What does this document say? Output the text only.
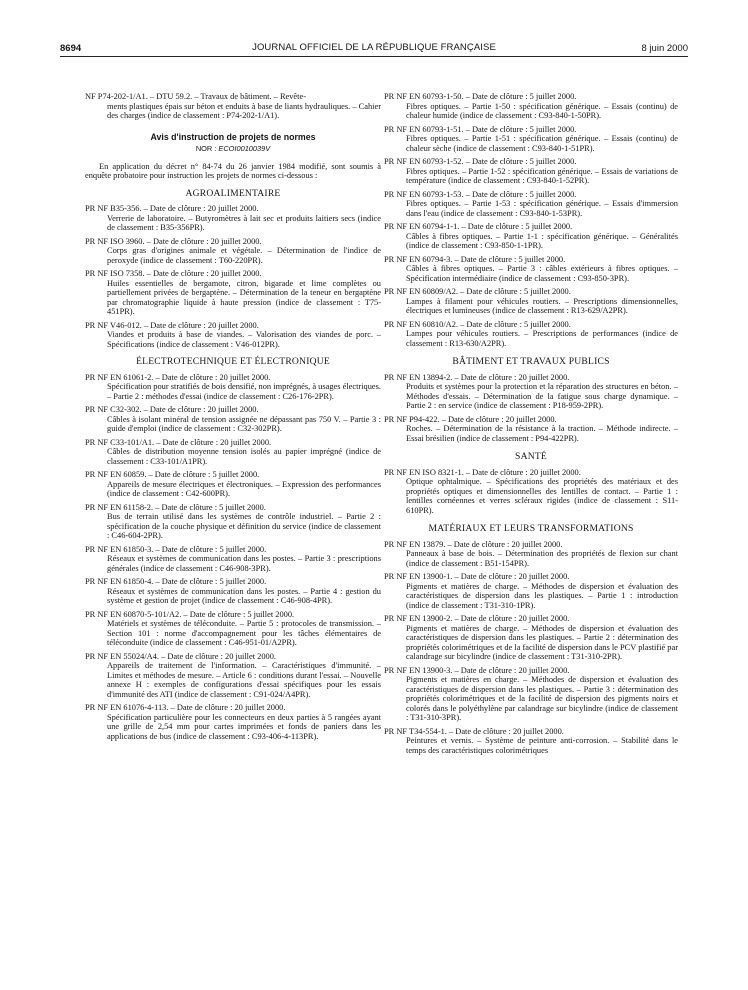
8694	JOURNAL OFFICIEL DE LA RÉPUBLIQUE FRANÇAISE	8 juin 2000
NF P74-202-1/A1. – DTU 59.2. – Travaux de bâtiment. – Revête-
ments plastiques épais sur béton et enduits à base de liants hydrauliques. – Cahier des charges (indice de classement : P74-202-1/A1).
Avis d'instruction de projets de normes
NOR : ECOI0010039V
En application du décret n° 84-74 du 26 janvier 1984 modifié, sont soumis à enquête probatoire pour instruction les projets de normes ci-dessous :
AGROALIMENTAIRE
PR NF B35-356. – Date de clôture : 20 juillet 2000.
Verrerie de laboratoire. – Butyromètres à lait sec et produits laitiers secs (indice de classement : B35-356PR).
PR NF ISO 3960. – Date de clôture : 20 juillet 2000.
Corps gras d'origines animale et végétale. – Détermination de l'indice de peroxyde (indice de classement : T60-220PR).
PR NF ISO 7358. – Date de clôture : 20 juillet 2000.
Huiles essentielles de bergamote, citron, bigarade et lime complètes ou partiellement privées de bergaptène. – Détermination de la teneur en bergaptène par chromatographie liquide à haute pression (indice de classement : T75-451PR).
PR NF V46-012. – Date de clôture : 20 juillet 2000.
Viandes et produits à base de viandes. – Valorisation des viandes de porc. – Spécifications (indice de classement : V46-012PR).
ÉLECTROTECHNIQUE ET ÉLECTRONIQUE
PR NF EN 61061-2. – Date de clôture : 20 juillet 2000.
Spécification pour stratifiés de bois densifié, non imprégnés, à usages électriques. – Partie 2 : méthodes d'essai (indice de classement : C26-176-2PR).
PR NF C32-302. – Date de clôture : 20 juillet 2000.
Câbles à isolant minéral de tension assignée ne dépassant pas 750 V. – Partie 3 : guide d'emploi (indice de classement : C32-302PR).
PR NF C33-101/A1. – Date de clôture : 20 juillet 2000.
Câbles de distribution moyenne tension isolés au papier imprégné (indice de classement : C33-101/A1PR).
PR NF EN 60859. – Date de clôture : 5 juillet 2000.
Appareils de mesure électriques et électroniques. – Expression des performances (indice de classement : C42-600PR).
PR NF EN 61158-2. – Date de clôture : 5 juillet 2000.
Bus de terrain utilisé dans les systèmes de contrôle industriel. – Partie 2 : spécification de la couche physique et définition du service (indice de classement : C46-604-2PR).
PR NF EN 61850-3. – Date de clôture : 5 juillet 2000.
Réseaux et systèmes de communication dans les postes. – Partie 3 : prescriptions générales (indice de classement : C46-908-3PR).
PR NF EN 61850-4. – Date de clôture : 5 juillet 2000.
Réseaux et systèmes de communication dans les postes. – Partie 4 : gestion du système et gestion de projet (indice de classement : C46-908-4PR).
PR NF EN 60870-5-101/A2. – Date de clôture : 5 juillet 2000.
Matériels et systèmes de téléconduite. – Partie 5 : protocoles de transmission. – Section 101 : norme d'accompagnement pour les tâches élémentaires de téléconduite (indice de classement : C46-951-01/A2PR).
PR NF EN 55024/A4. – Date de clôture : 20 juillet 2000.
Appareils de traitement de l'information. – Caractéristiques d'immunité. – Limites et méthodes de mesure. – Article 6 : conditions durant l'essai. – Nouvelle annexe H : exemples de configurations d'essai spécifiques pour les essais d'immunité des ATI (indice de classement : C91-024/A4PR).
PR NF EN 61076-4-113. – Date de clôture : 20 juillet 2000.
Spécification particulière pour les connecteurs en deux parties à 5 rangées ayant une grille de 2,54 mm pour cartes imprimées et fonds de paniers dans les applications de bus (indice de classement : C93-406-4-113PR).
PR NF EN 60793-1-50. – Date de clôture : 5 juillet 2000.
Fibres optiques. – Partie 1-50 : spécification générique. – Essais (continu) de chaleur humide (indice de classement : C93-840-1-50PR).
PR NF EN 60793-1-51. – Date de clôture : 5 juillet 2000.
Fibres optiques. – Partie 1-51 : spécification générique. – Essais (continu) de chaleur sèche (indice de classement : C93-840-1-51PR).
PR NF EN 60793-1-52. – Date de clôture : 5 juillet 2000.
Fibres optiques. – Partie 1-52 : spécification générique. – Essais de variations de température (indice de classement : C93-840-1-52PR).
PR NF EN 60793-1-53. – Date de clôture : 5 juillet 2000.
Fibres optiques. – Partie 1-53 : spécification générique. – Essais d'immersion dans l'eau (indice de classement : C93-840-1-53PR).
PR NF EN 60794-1-1. – Date de clôture : 5 juillet 2000.
Câbles à fibres optiques. – Partie 1-1 : spécification générique. – Généralités (indice de classement : C93-850-1-1PR).
PR NF EN 60794-3. – Date de clôture : 5 juillet 2000.
Câbles à fibres optiques. – Partie 3 : câbles extérieurs à fibres optiques. – Spécification intermédiaire (indice de classement : C93-850-3PR).
PR NF EN 60809/A2. – Date de clôture : 5 juillet 2000.
Lampes à filament pour véhicules routiers. – Prescriptions dimensionnelles, électriques et lumineuses (indice de classement : R13-629/A2PR).
PR NF EN 60810/A2. – Date de clôture : 5 juillet 2000.
Lampes pour véhicules routiers. – Prescriptions de performances (indice de classement : R13-630/A2PR).
BÂTIMENT ET TRAVAUX PUBLICS
PR NF EN 13894-2. – Date de clôture : 20 juillet 2000.
Produits et systèmes pour la protection et la réparation des structures en béton. – Méthodes d'essais. – Détermination de la fatigue sous charge dynamique. – Partie 2 : en service (indice de classement : P18-959-2PR).
PR NF P94-422. – Date de clôture : 20 juillet 2000.
Roches. – Détermination de la résistance à la traction. – Méthode indirecte. – Essai brésilien (indice de classement : P94-422PR).
SANTÉ
PR NF EN ISO 8321-1. – Date de clôture : 20 juillet 2000.
Optique ophtalmique. – Spécifications des propriétés des matériaux et des propriétés optiques et dimensionnelles des lentilles de contact. – Partie 1 : lentilles cornéennes et verres scléraux rigides (indice de classement : S11-610PR).
MATÉRIAUX ET LEURS TRANSFORMATIONS
PR NF EN 13879. – Date de clôture : 20 juillet 2000.
Panneaux à base de bois. – Détermination des propriétés de flexion sur chant (indice de classement : B51-154PR).
PR NF EN 13900-1. – Date de clôture : 20 juillet 2000.
Pigments et matières de charge. – Méthodes de dispersion et évaluation des caractéristiques de dispersion dans les plastiques. – Partie 1 : introduction (indice de classement : T31-310-1PR).
PR NF EN 13900-2. – Date de clôture : 20 juillet 2000.
Pigments et matières de charge. – Méthodes de dispersion et évaluation des caractéristiques de dispersion dans les plastiques. – Partie 2 : détermination des propriétés colorimétriques et de la facilité de dispersion dans le PCV plastifié par calandrage sur bicylindre (indice de classement : T31-310-2PR).
PR NF EN 13900-3. – Date de clôture : 20 juillet 2000.
Pigments et matières en charge. – Méthodes de dispersion et évaluation des caractéristiques de dispersion dans les plastiques. – Partie 3 : détermination des propriétés colorimétriques et de la facilité de dispersion des pigments noirs et colorés dans le polyéthylène par calandrage sur bicylindre (indice de classement : T31-310-3PR).
PR NF T34-554-1. – Date de clôture : 20 juillet 2000.
Peintures et vernis. – Système de peinture anti-corrosion. – Stabilité dans le temps des caractéristiques colorimétriques
